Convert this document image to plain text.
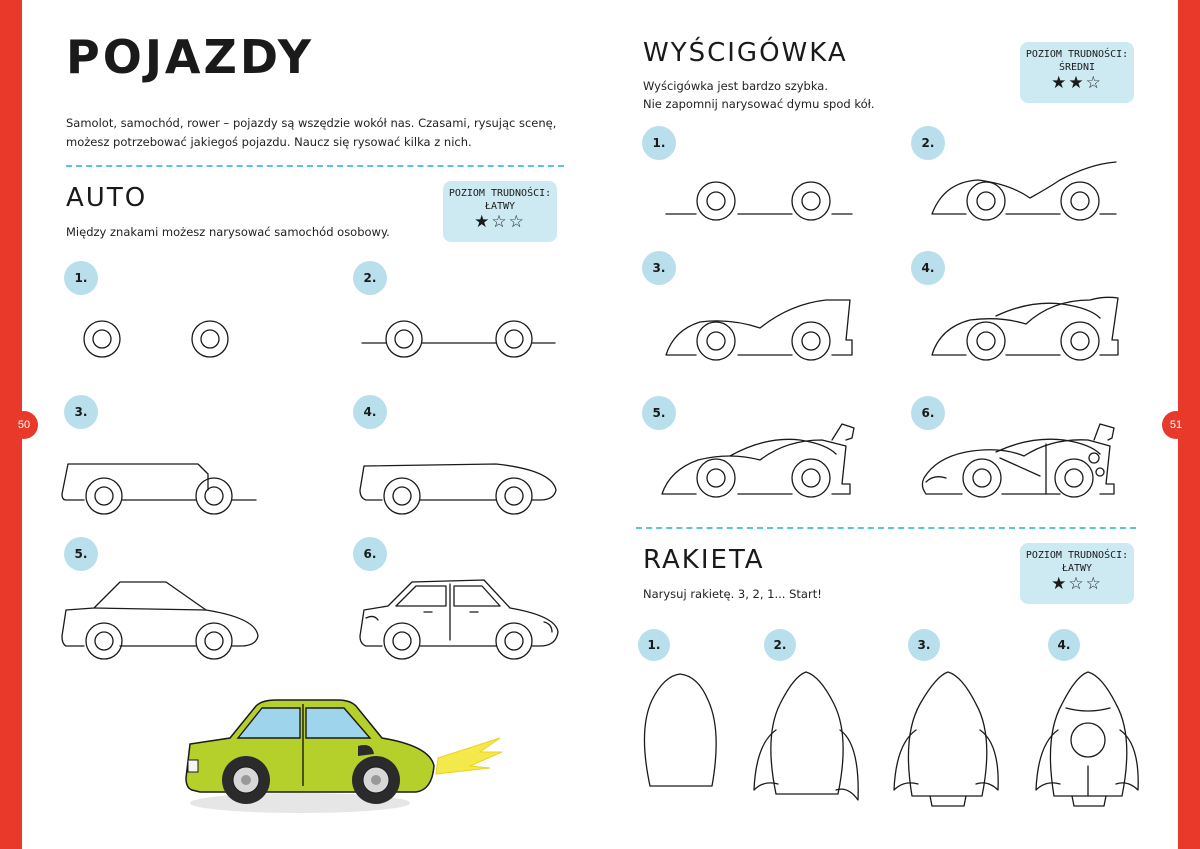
50	51
POJAZDY
Samolot, samochód, rower – pojazdy są wszędzie wokół nas. Czasami, rysując scenę,
możesz potrzebować jakiegoś pojazdu. Naucz się rysować kilka z nich.
AUTO
Między znakami możesz narysować samochód osobowy.
POZIOM TRUDNOŚCI:
ŁATWY
★☆☆
1.	2.
3.	4.
5.	6.
WYŚCIGÓWKA
Wyścigówka jest bardzo szybka.
Nie zapomnij narysować dymu spod kół.
POZIOM TRUDNOŚCI:
ŚREDNI
★★☆
1.	2.
3.	4.
5.	6.
RAKIETA
Narysuj rakietę. 3, 2, 1... Start!
POZIOM TRUDNOŚCI:
ŁATWY
★☆☆
1.	2.	3.	4.
